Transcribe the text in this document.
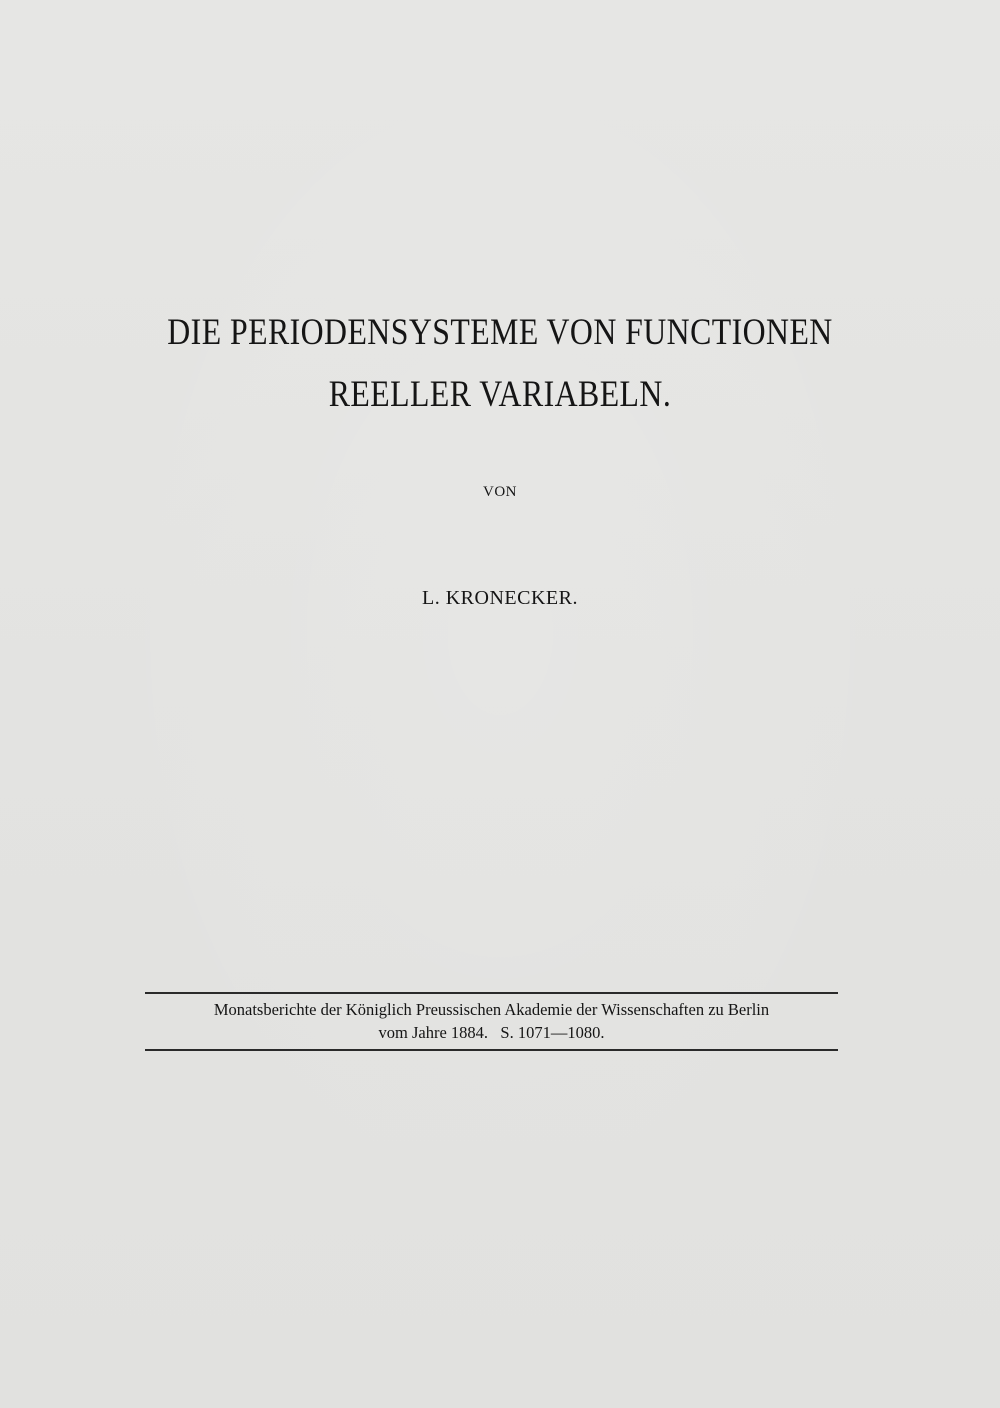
DIE PERIODENSYSTEME VON FUNCTIONEN
REELLER VARIABELN.
VON
L. KRONECKER.
Monatsberichte der Königlich Preussischen Akademie der Wissenschaften zu Berlin
vom Jahre 1884.   S. 1071—1080.
